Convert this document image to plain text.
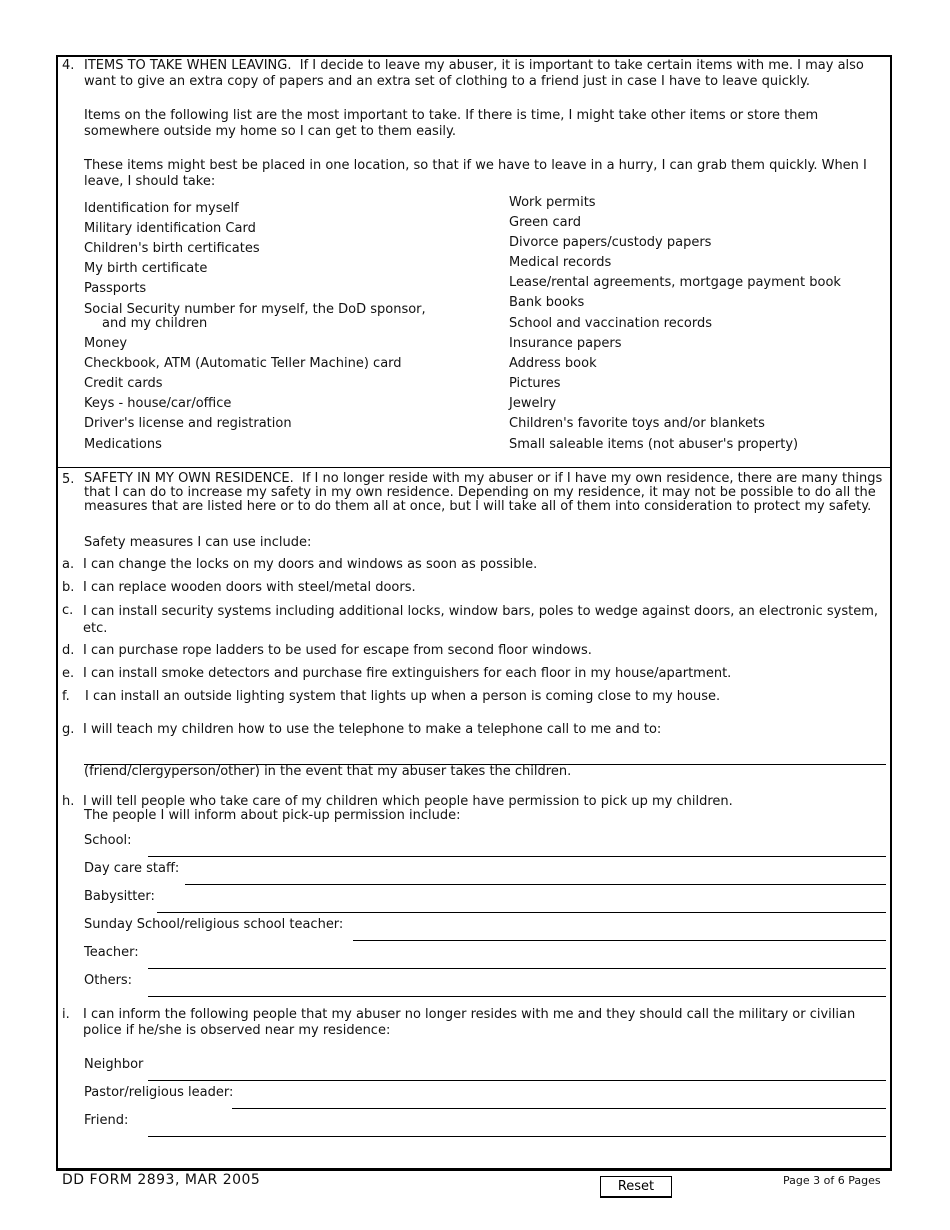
4. ITEMS TO TAKE WHEN LEAVING. If I decide to leave my abuser, it is important to take certain items with me. I may also want to give an extra copy of papers and an extra set of clothing to a friend just in case I have to leave quickly.
Items on the following list are the most important to take. If there is time, I might take other items or store them somewhere outside my home so I can get to them easily.
These items might best be placed in one location, so that if we have to leave in a hurry, I can grab them quickly. When I leave, I should take:
Identification for myself
Military identification Card
Children's birth certificates
My birth certificate
Passports
Social Security number for myself, the DoD sponsor,
and my children
Money
Checkbook, ATM (Automatic Teller Machine) card
Credit cards
Keys - house/car/office
Driver's license and registration
Medications
Work permits
Green card
Divorce papers/custody papers
Medical records
Lease/rental agreements, mortgage payment book
Bank books
School and vaccination records
Insurance papers
Address book
Pictures
Jewelry
Children's favorite toys and/or blankets
Small saleable items (not abuser's property)
5. SAFETY IN MY OWN RESIDENCE. If I no longer reside with my abuser or if I have my own residence, there are many things that I can do to increase my safety in my own residence. Depending on my residence, it may not be possible to do all the measures that are listed here or to do them all at once, but I will take all of them into consideration to protect my safety.
Safety measures I can use include:
a. I can change the locks on my doors and windows as soon as possible.
b. I can replace wooden doors with steel/metal doors.
c. I can install security systems including additional locks, window bars, poles to wedge against doors, an electronic system, etc.
d. I can purchase rope ladders to be used for escape from second floor windows.
e. I can install smoke detectors and purchase fire extinguishers for each floor in my house/apartment.
f. I can install an outside lighting system that lights up when a person is coming close to my house.
g. I will teach my children how to use the telephone to make a telephone call to me and to:
(friend/clergyperson/other) in the event that my abuser takes the children.
h. I will tell people who take care of my children which people have permission to pick up my children.
The people I will inform about pick-up permission include:
School:
Day care staff:
Babysitter:
Sunday School/religious school teacher:
Teacher:
Others:
i. I can inform the following people that my abuser no longer resides with me and they should call the military or civilian police if he/she is observed near my residence:
Neighbor
Pastor/religious leader:
Friend:
DD FORM 2893, MAR 2005	Reset	Page 3 of 6 Pages
